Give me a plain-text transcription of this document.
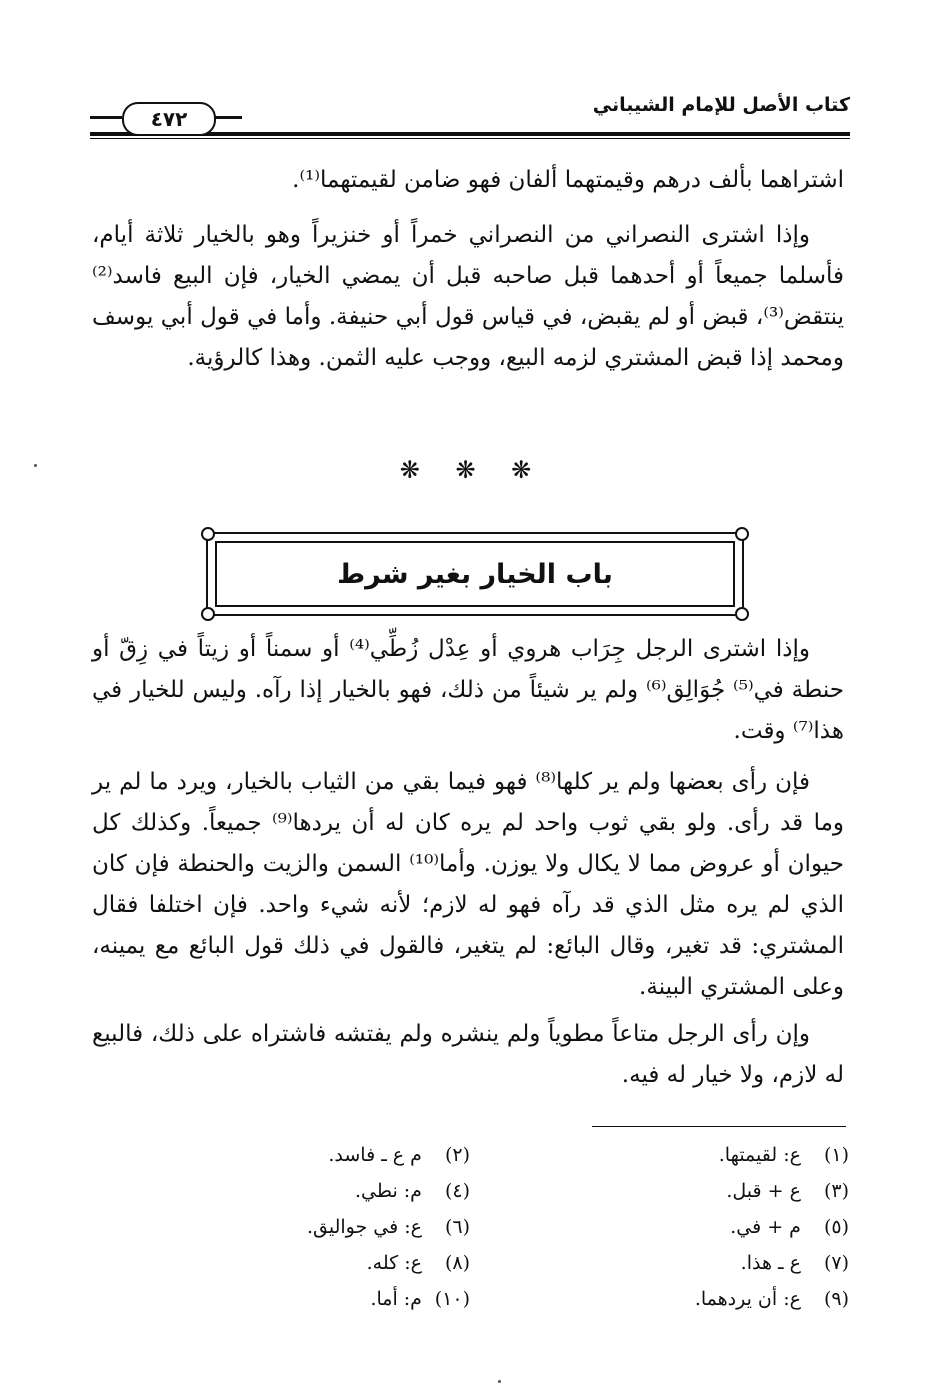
٤٧٢
كتاب الأصل للإمام الشيباني

اشتراهما بألف درهم وقيمتهما ألفان فهو ضامن لقيمتهما⁽¹⁾.

وإذا اشترى النصراني من النصراني خمراً أو خنزيراً وهو بالخيار ثلاثة أيام، فأسلما جميعاً أو أحدهما قبل صاحبه قبل أن يمضي الخيار، فإن البيع فاسد⁽²⁾ ينتقض⁽³⁾، قبض أو لم يقبض، في قياس قول أبي حنيفة. وأما في قول أبي يوسف ومحمد إذا قبض المشتري لزمه البيع، ووجب عليه الثمن. وهذا كالرؤية.

❋ ❋ ❋
باب الخيار بغير شرط

وإذا اشترى الرجل جِرَاب هروي أو عِدْل زُطِّي⁽⁴⁾ أو سمناً أو زيتاً في زِقّ أو حنطة في⁽⁵⁾ جُوَالِق⁽⁶⁾ ولم ير شيئاً من ذلك، فهو بالخيار إذا رآه. وليس للخيار في هذا⁽⁷⁾ وقت.

فإن رأى بعضها ولم ير كلها⁽⁸⁾ فهو فيما بقي من الثياب بالخيار، ويرد ما لم ير وما قد رأى. ولو بقي ثوب واحد لم يره كان له أن يردها⁽⁹⁾ جميعاً. وكذلك كل حيوان أو عروض مما لا يكال ولا يوزن. وأما⁽¹⁰⁾ السمن والزيت والحنطة فإن كان الذي لم يره مثل الذي قد رآه فهو له لازم؛ لأنه شيء واحد. فإن اختلفا فقال المشتري: قد تغير، وقال البائع: لم يتغير، فالقول في ذلك قول البائع مع يمينه، وعلى المشتري البينة.

وإن رأى الرجل متاعاً مطوياً ولم ينشره ولم يفتشه فاشتراه على ذلك، فالبيع له لازم، ولا خيار له فيه.

(١) ع: لقيمتها.
(٣) ع + قبل.
(٥) م + في.
(٧) ع ـ هذا.
(٩) ع: أن يردهما.
(٢) م ع ـ فاسد.
(٤) م: نطي.
(٦) ع: في جواليق.
(٨) ع: كله.
(١٠) م: أما.
